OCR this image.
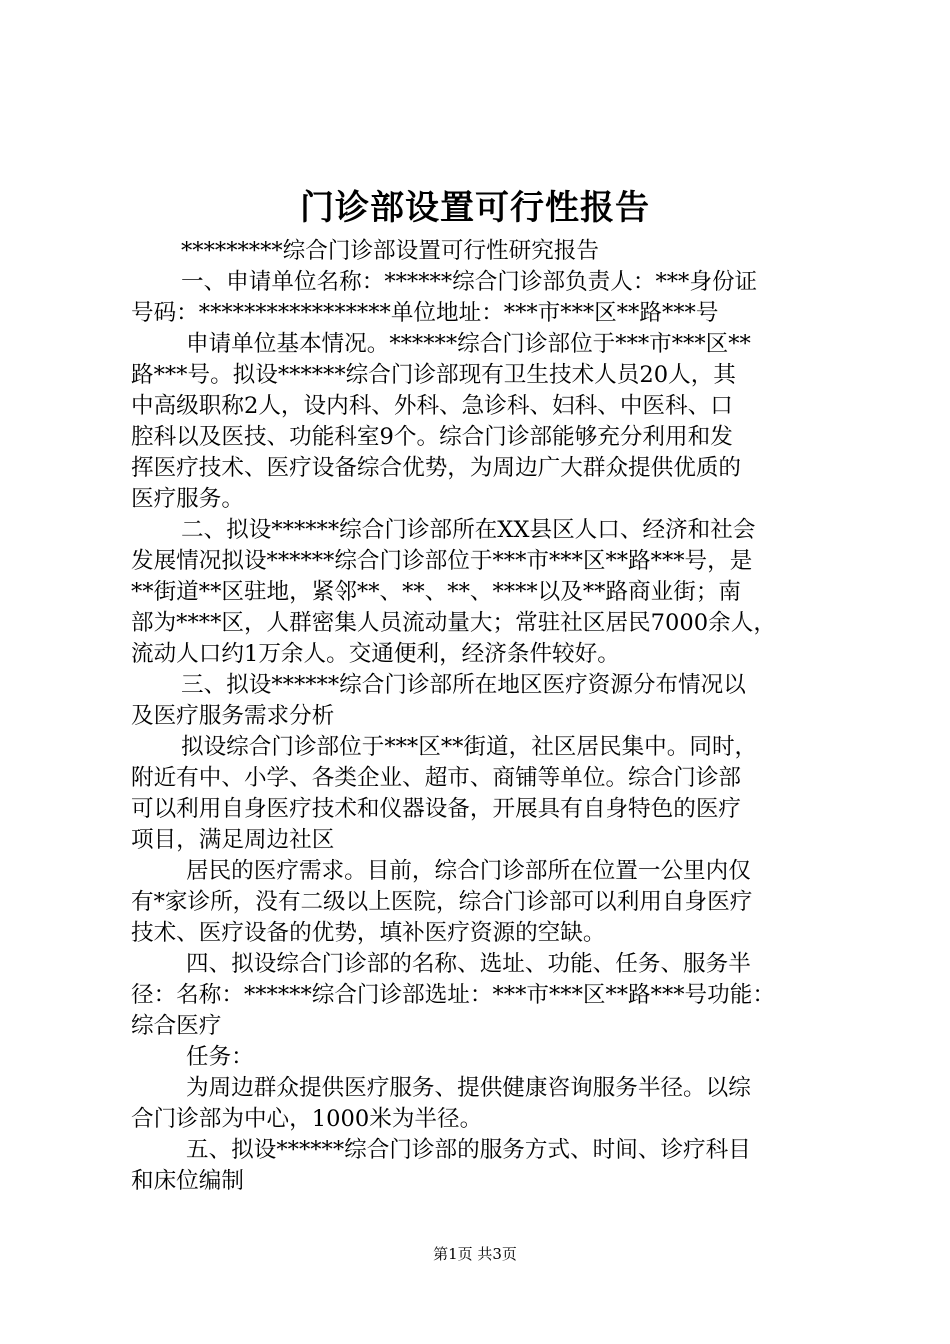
门诊部设置可行性报告
*********综合门诊部设置可行性研究报告
一、申请单位名称：******综合门诊部负责人：***身份证
号码：*****************单位地址：***市***区**路***号
申请单位基本情况。******综合门诊部位于***市***区**
路***号。拟设******综合门诊部现有卫生技术人员20人，其
中高级职称2人，设内科、外科、急诊科、妇科、中医科、口
腔科以及医技、功能科室9个。综合门诊部能够充分利用和发
挥医疗技术、医疗设备综合优势，为周边广大群众提供优质的
医疗服务。
二、拟设******综合门诊部所在XX县区人口、经济和社会
发展情况拟设******综合门诊部位于***市***区**路***号，是
**街道**区驻地，紧邻**、**、**、****以及**路商业街；南
部为****区，人群密集人员流动量大；常驻社区居民7000余人，
流动人口约1万余人。交通便利，经济条件较好。
三、拟设******综合门诊部所在地区医疗资源分布情况以
及医疗服务需求分析
拟设综合门诊部位于***区**街道，社区居民集中。同时，
附近有中、小学、各类企业、超市、商铺等单位。综合门诊部
可以利用自身医疗技术和仪器设备，开展具有自身特色的医疗
项目，满足周边社区
居民的医疗需求。目前，综合门诊部所在位置一公里内仅
有*家诊所，没有二级以上医院，综合门诊部可以利用自身医疗
技术、医疗设备的优势，填补医疗资源的空缺。
四、拟设综合门诊部的名称、选址、功能、任务、服务半
径：名称：******综合门诊部选址：***市***区**路***号功能：
综合医疗
任务：
为周边群众提供医疗服务、提供健康咨询服务半径。以综
合门诊部为中心，1000米为半径。
五、拟设******综合门诊部的服务方式、时间、诊疗科目
和床位编制
第1页 共3页
